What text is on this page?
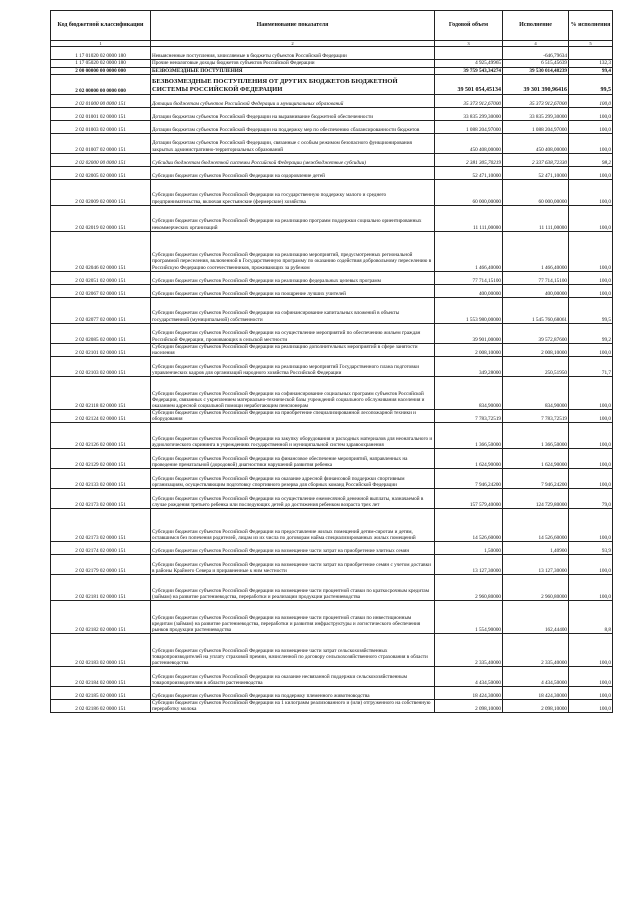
Код бюджетной классификации	Наименование показателя	Годовой объем	Исполнение	% исполнения
1	2	3	4	5
1 17 01020 02 0000 180	Невыясненные поступления, зачисляемые в бюджеты субъектов Российской Федерации		-646,79634	
1 17 05020 02 0000 180	Прочие неналоговые доходы бюджетов субъектов Российской Федерации	4 925,49965	6 515,45639	132,3
2 00 00000 00 0000 000	БЕЗВОЗМЕЗДНЫЕ ПОСТУПЛЕНИЯ	39 759 543,34274	39 530 014,48239	99,4
2 02 00000 00 0000 000	БЕЗВОЗМЕЗДНЫЕ ПОСТУПЛЕНИЯ ОТ ДРУГИХ БЮДЖЕТОВ БЮДЖЕТНОЙ СИСТЕМЫ РОССИЙСКОЙ ФЕДЕРАЦИИ	39 501 054,45134	39 301 390,96416	99,5
2 02 01000 00 0000 151	Дотации бюджетам субъектов Российской Федерации и муниципальных образований	35 373 912,67000	35 373 912,67000	100,0
2 02 01001 02 0000 151	Дотации бюджетам субъектов Российской Федерации на выравнивание бюджетной обеспеченности	33 835 299,30000	33 835 299,30000	100,0
2 02 01003 02 0000 151	Дотации бюджетам субъектов Российской Федерации на поддержку мер по обеспечению сбалансированности бюджетов	1 088 204,97000	1 088 204,97000	100,0
2 02 01007 02 0000 151	Дотации бюджетам субъектов Российской Федерации, связанные с особым режимом безопасного функционирования закрытых административно-территориальных образований	450 408,00000	450 408,00000	100,0
2 02 02000 00 0000 151	Субсидии бюджетам бюджетной системы Российской Федерации (межбюджетные субсидии)	2 381 305,70219	2 337 638,72330	98,2
2 02 02005 02 0000 151	Субсидии бюджетам субъектов Российской Федерации на оздоровление детей	52 471,10000	52 471,10000	100,0
2 02 02009 02 0000 151	Субсидии бюджетам субъектов Российской Федерации на государственную поддержку малого и среднего предпринимательства, включая крестьянские (фермерские) хозяйства	60 000,00000	60 000,00000	100,0
2 02 02019 02 0000 151	Субсидии бюджетам субъектов Российской Федерации на реализацию программ поддержки социально ориентированных некоммерческих организаций	11 111,00000	11 111,00000	100,0
2 02 02046 02 0000 151	Субсидии бюджетам субъектов Российской Федерации на реализацию мероприятий, предусмотренных региональной программой переселения, включенной в Государственную программу по оказанию содействия добровольному переселению в Российскую Федерацию соотечественников, проживающих за рубежом	1 466,40000	1 466,40000	100,0
2 02 02051 02 0000 151	Субсидии бюджетам субъектов Российской Федерации на реализацию федеральных целевых программ	77 714,15100	77 714,15100	100,0
2 02 02067 02 0000 151	Субсидии бюджетам субъектов Российской Федерации на поощрение лучших учителей	400,00000	400,00000	100,0
2 02 02077 02 0000 151	Субсидии бюджетам субъектов Российской Федерации на софинансирование капитальных вложений в объекты государственной (муниципальной) собственности	1 553 980,00000	1 545 760,68061	99,5
2 02 02085 02 0000 151	Субсидии бюджетам субъектов Российской Федерации на осуществление мероприятий по обеспечению жильем граждан Российской Федерации, проживающих в сельской местности	39 901,00000	39 572,87600	99,2
2 02 02101 02 0000 151	Субсидии бюджетам субъектов Российской Федерации на реализацию дополнительных мероприятий в сфере занятости населения	2 008,10000	2 008,10000	100,0
2 02 02103 02 0000 151	Субсидии бюджетам субъектов Российской Федерации на реализацию мероприятий Государственного плана подготовки управленческих кадров для организаций народного хозяйства Российской Федерации	349,28000	250,51950	71,7
2 02 02118 02 0000 151	Субсидии бюджетам субъектов Российской Федерации на софинансирование социальных программ субъектов Российской Федерации, связанных с укреплением материально-технической базы учреждений социального обслуживания населения и оказанием адресной социальной помощи неработающим пенсионерам	834,90000	834,90000	100,0
2 02 02124 02 0000 151	Субсидии бюджетам субъектов Российской Федерации на приобретение специализированной лесопожарной техники и оборудования	7 783,72519	7 783,72519	100,0
2 02 02126 02 0000 151	Субсидии бюджетам субъектов Российской Федерации на закупку оборудования и расходных материалов для неонатального и аудиологического скрининга в учреждениях государственной и муниципальной систем здравоохранения	1 366,50000	1 366,50000	100,0
2 02 02129 02 0000 151	Субсидии бюджетам субъектов Российской Федерации на финансовое обеспечение мероприятий, направленных на проведение пренатальной (дородовой) диагностики нарушений развития ребенка	1 624,90000	1 624,90000	100,0
2 02 02133 02 0000 151	Субсидии бюджетам субъектов Российской Федерации на оказание адресной финансовой поддержки спортивным организациям, осуществляющим подготовку спортивного резерва для сборных команд Российской Федерации	7 946,24200	7 946,24200	100,0
2 02 02173 02 0000 151	Субсидии бюджетам субъектов Российской Федерации на осуществление ежемесячной денежной выплаты, назначаемой в случае рождения третьего ребенка или последующих детей до достижения ребенком возраста трех лет	157 579,40000	124 729,80000	79,0
2 02 02173 02 0000 151	Субсидии бюджетам субъектов Российской Федерации на предоставление жилых помещений детям-сиротам и детям, оставшимся без попечения родителей, лицам из их числа по договорам найма специализированных жилых помещений	14 526,60000	14 526,60000	100,0
2 02 02174 02 0000 151	Субсидии бюджетам субъектов Российской Федерации на возмещение части затрат на приобретение элитных семян	1,50000	1,40900	93,9
2 02 02179 02 0000 151	Субсидии бюджетам субъектов Российской Федерации на возмещение части затрат на приобретение семян с учетом доставки в районы Крайнего Севера и приравненные к ним местности	13 127,30000	13 127,30000	100,0
2 02 02181 02 0000 151	Субсидии бюджетам субъектов Российской Федерации на возмещение части процентной ставки по краткосрочным кредитам (займам) на развитие растениеводства, переработки и реализации продукции растениеводства	2 960,80000	2 960,80000	100,0
2 02 02182 02 0000 151	Субсидии бюджетам субъектов Российской Федерации на возмещение части процентной ставки по инвестиционным кредитам (займам) на развитие растениеводства, переработки и развития инфраструктуры и логистического обеспечения рынков продукции растениеводства	1 554,90000	162,44400	8,8
2 02 02183 02 0000 151	Субсидии бюджетам субъектов Российской Федерации на возмещение части затрат сельскохозяйственных товаропроизводителей на уплату страховой премии, начисленной по договору сельскохозяйственного страхования в области растениеводства	2 335,40000	2 335,40000	100,0
2 02 02184 02 0000 151	Субсидии бюджетам субъектов Российской Федерации на оказание несвязанной поддержки сельскохозяйственным товаропроизводителям в области растениеводства	4 434,50000	4 434,50000	100,0
2 02 02185 02 0000 151	Субсидии бюджетам субъектов Российской Федерации на поддержку племенного животноводства	18 424,30000	18 424,30000	100,0
2 02 02186 02 0000 151	Субсидии бюджетам субъектов Российской Федерации на 1 килограмм реализованного и (или) отгруженного на собственную переработку молока	2 098,10000	2 098,10000	100,0
